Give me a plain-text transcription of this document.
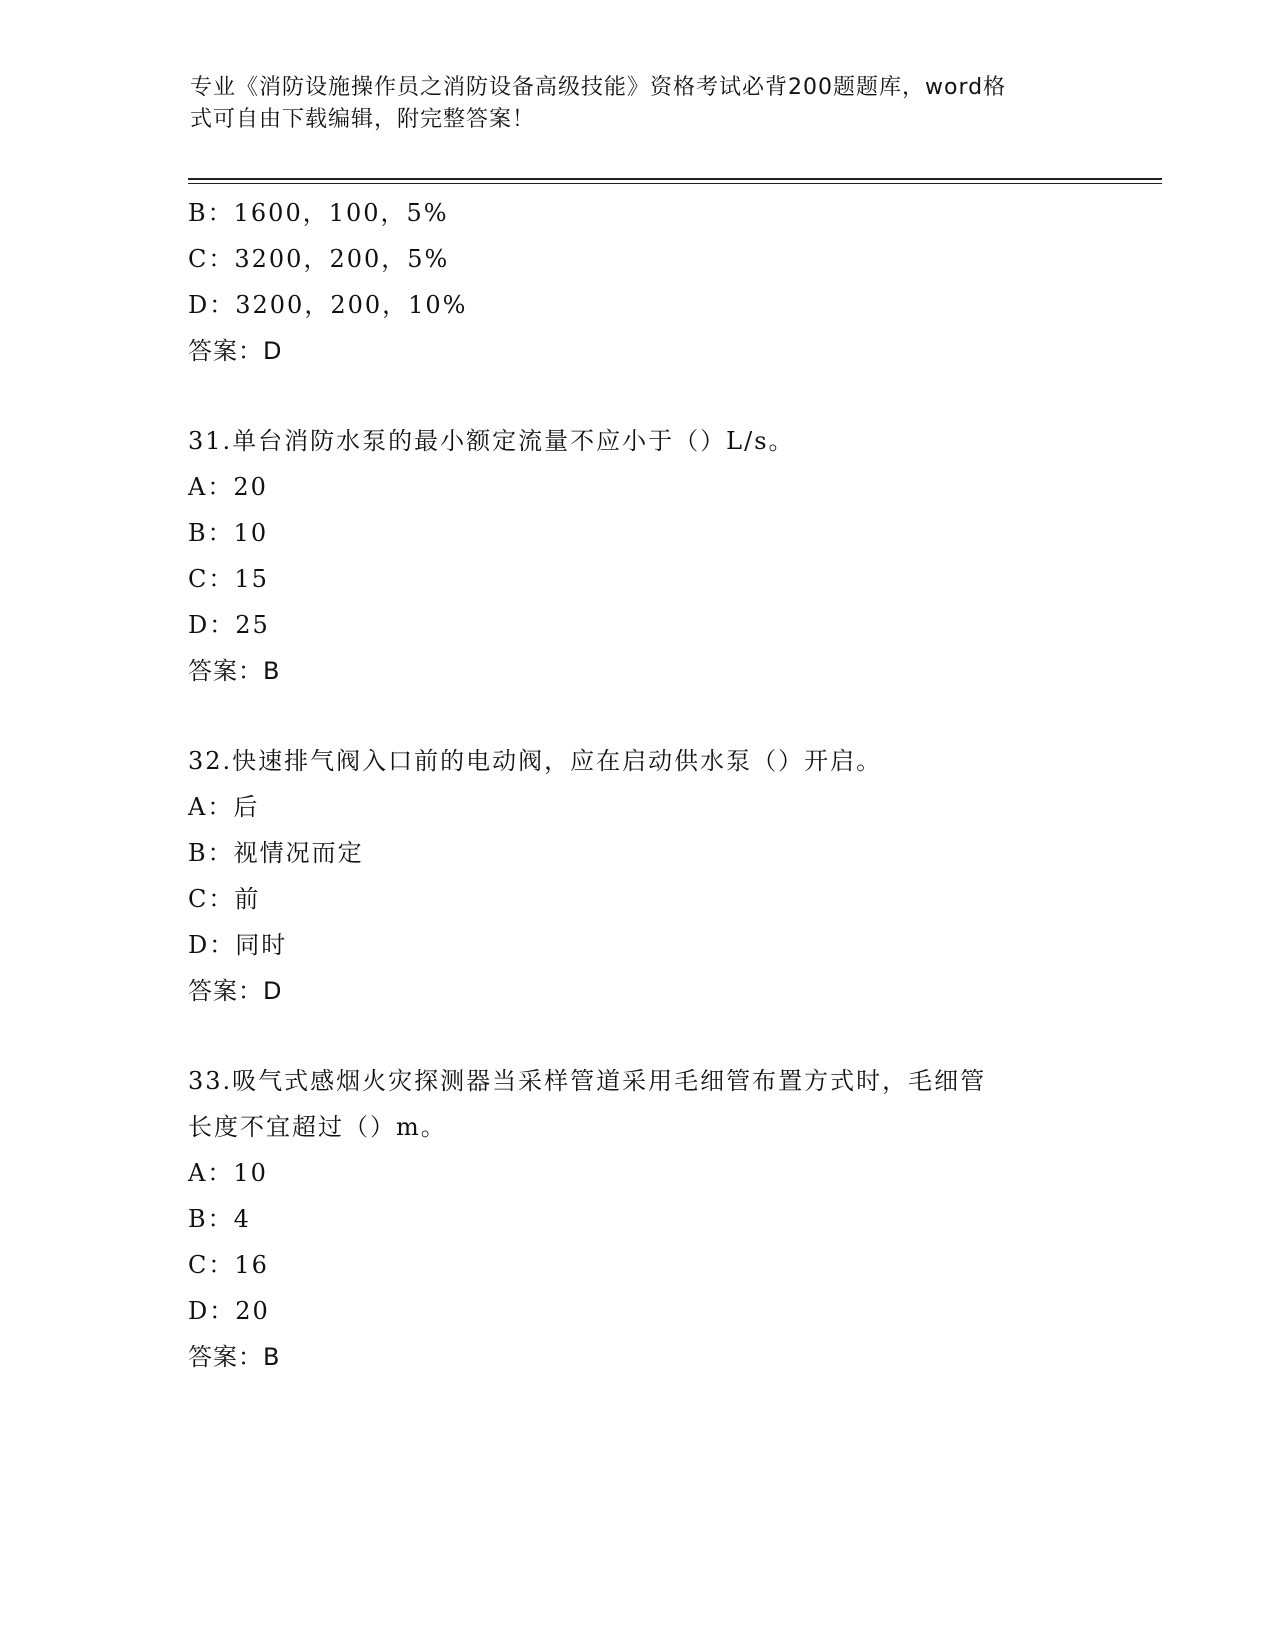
专业《消防设施操作员之消防设备高级技能》资格考试必背200题题库，word格
式可自由下载编辑，附完整答案！
B：1600，100，5%
C：3200，200，5%
D：3200，200，10%
答案：D
31.单台消防水泵的最小额定流量不应小于（）L/s。
A：20
B：10
C：15
D：25
答案：B
32.快速排气阀入口前的电动阀，应在启动供水泵（）开启。
A：后
B：视情况而定
C：前
D：同时
答案：D
33.吸气式感烟火灾探测器当采样管道采用毛细管布置方式时，毛细管
长度不宜超过（）m。
A：10
B：4
C：16
D：20
答案：B
